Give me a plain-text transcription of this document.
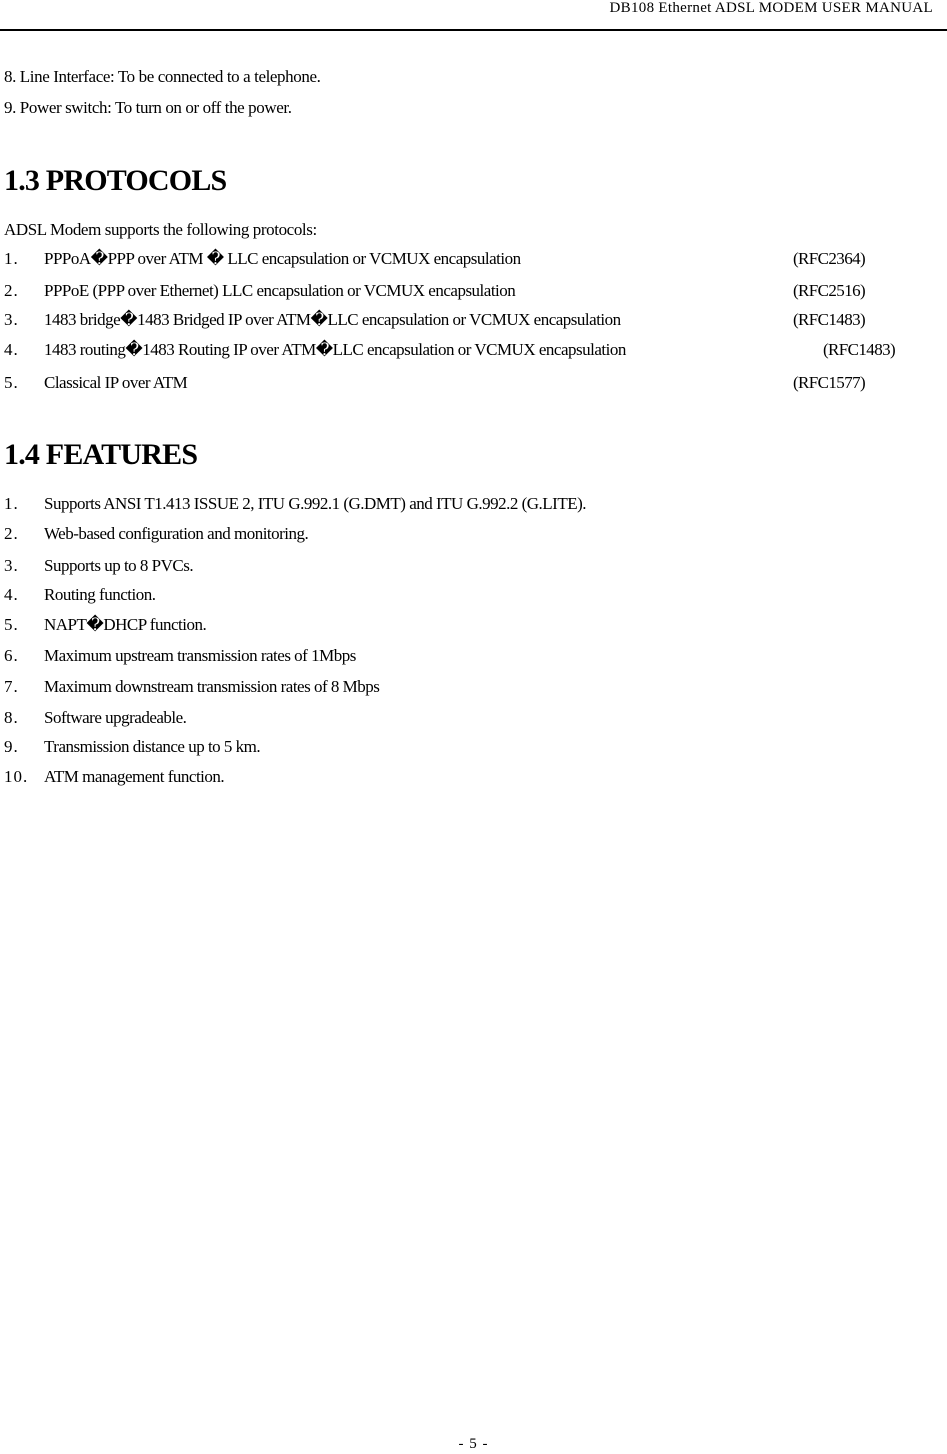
DB108 Ethernet ADSL MODEM USER MANUAL
8. Line Interface: To be connected to a telephone.
9. Power switch: To turn on or off the power.
1.3 PROTOCOLS
ADSL Modem supports the following protocols:
1. PPPoA�PPP over ATM � LLC encapsulation or VCMUX encapsulation	(RFC2364)
2. PPPoE (PPP over Ethernet) LLC encapsulation or VCMUX encapsulation	(RFC2516)
3. 1483 bridge�1483 Bridged IP over ATM�LLC encapsulation or VCMUX encapsulation	(RFC1483)
4. 1483 routing�1483 Routing IP over ATM�LLC encapsulation or VCMUX encapsulation	(RFC1483)
5. Classical IP over ATM	(RFC1577)
1.4 FEATURES
1. Supports ANSI T1.413 ISSUE 2, ITU G.992.1 (G.DMT) and ITU G.992.2 (G.LITE).
2. Web-based configuration and monitoring.
3. Supports up to 8 PVCs.
4. Routing function.
5. NAPT�DHCP function.
6. Maximum upstream transmission rates of 1Mbps
7. Maximum downstream transmission rates of 8 Mbps
8. Software upgradeable.
9. Transmission distance up to 5 km.
10. ATM management function.
- 5 -
